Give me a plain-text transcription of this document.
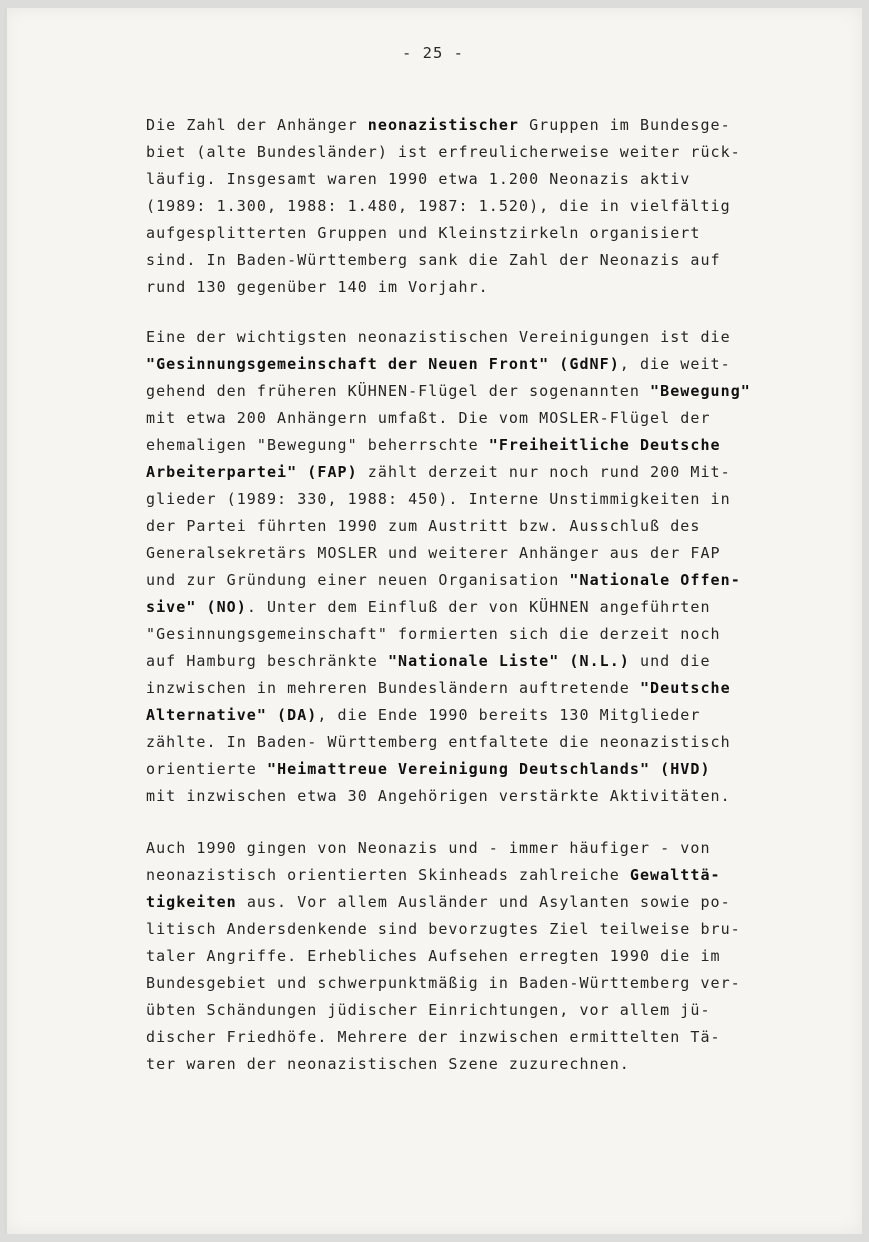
- 25 -
Die Zahl der Anhänger neonazistischer Gruppen im Bundesge-
biet (alte Bundesländer) ist erfreulicherweise weiter rück-
läufig. Insgesamt waren 1990 etwa 1.200 Neonazis aktiv
(1989: 1.300, 1988: 1.480, 1987: 1.520), die in vielfältig
aufgesplitterten Gruppen und Kleinstzirkeln organisiert
sind. In Baden-Württemberg sank die Zahl der Neonazis auf
rund 130 gegenüber 140 im Vorjahr.
Eine der wichtigsten neonazistischen Vereinigungen ist die
"Gesinnungsgemeinschaft der Neuen Front" (GdNF), die weit-
gehend den früheren KÜHNEN-Flügel der sogenannten "Bewegung"
mit etwa 200 Anhängern umfaßt. Die vom MOSLER-Flügel der
ehemaligen "Bewegung" beherrschte "Freiheitliche Deutsche
Arbeiterpartei" (FAP) zählt derzeit nur noch rund 200 Mit-
glieder (1989: 330, 1988: 450). Interne Unstimmigkeiten in
der Partei führten 1990 zum Austritt bzw. Ausschluß des
Generalsekretärs MOSLER und weiterer Anhänger aus der FAP
und zur Gründung einer neuen Organisation "Nationale Offen-
sive" (NO). Unter dem Einfluß der von KÜHNEN angeführten
"Gesinnungsgemeinschaft" formierten sich die derzeit noch
auf Hamburg beschränkte "Nationale Liste" (N.L.) und die
inzwischen in mehreren Bundesländern auftretende "Deutsche
Alternative" (DA), die Ende 1990 bereits 130 Mitglieder
zählte. In Baden- Württemberg entfaltete die neonazistisch
orientierte "Heimattreue Vereinigung Deutschlands" (HVD)
mit inzwischen etwa 30 Angehörigen verstärkte Aktivitäten.
Auch 1990 gingen von Neonazis und - immer häufiger - von
neonazistisch orientierten Skinheads zahlreiche Gewalttä-
tigkeiten aus. Vor allem Ausländer und Asylanten sowie po-
litisch Andersdenkende sind bevorzugtes Ziel teilweise bru-
taler Angriffe. Erhebliches Aufsehen erregten 1990 die im
Bundesgebiet und schwerpunktmäßig in Baden-Württemberg ver-
übten Schändungen jüdischer Einrichtungen, vor allem jü-
discher Friedhöfe. Mehrere der inzwischen ermittelten Tä-
ter waren der neonazistischen Szene zuzurechnen.
